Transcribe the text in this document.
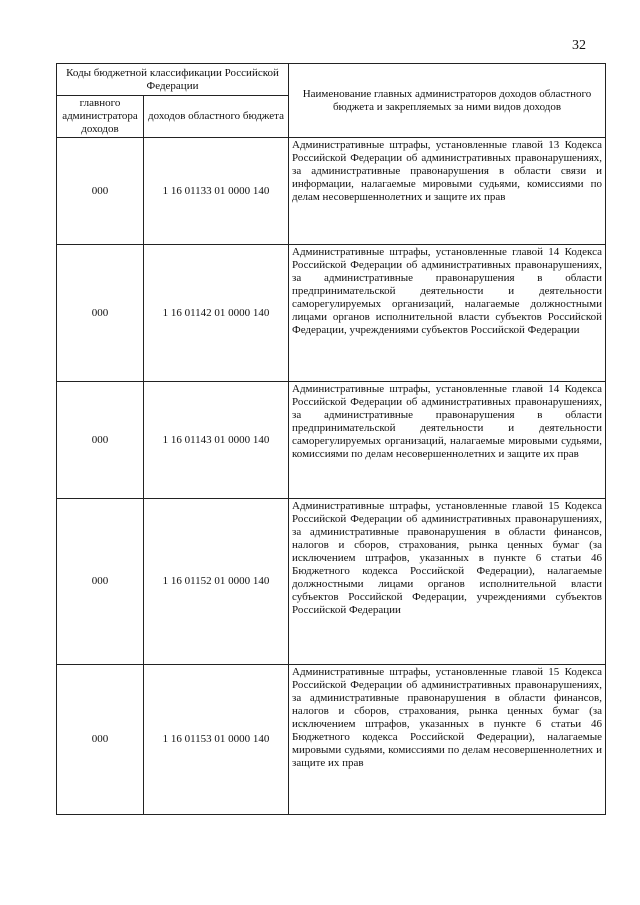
32
Коды бюджетной классификации Российской Федерации		Наименование главных администраторов доходов областного бюджета и закрепляемых за ними видов доходов
главного администратора доходов	доходов областного бюджета	
000	1 16 01133 01 0000 140	Административные штрафы, установленные главой 13 Кодекса Российской Федерации об административных правонарушениях, за административные правонарушения в области связи и информации, налагаемые мировыми судьями, комиссиями по делам несовершеннолетних и защите их прав
000	1 16 01142 01 0000 140	Административные штрафы, установленные главой 14 Кодекса Российской Федерации об административных правонарушениях, за административные правонарушения в области предпринимательской деятельности и деятельности саморегулируемых организаций, налагаемые должностными лицами органов исполнительной власти субъектов Российской Федерации, учреждениями субъектов Российской Федерации
000	1 16 01143 01 0000 140	Административные штрафы, установленные главой 14 Кодекса Российской Федерации об административных правонарушениях, за административные правонарушения в области предпринимательской деятельности и деятельности саморегулируемых организаций, налагаемые мировыми судьями, комиссиями по делам несовершеннолетних и защите их прав
000	1 16 01152 01 0000 140	Административные штрафы, установленные главой 15 Кодекса Российской Федерации об административных правонарушениях, за административные правонарушения в области финансов, налогов и сборов, страхования, рынка ценных бумаг (за исключением штрафов, указанных в пункте 6 статьи 46 Бюджетного кодекса Российской Федерации), налагаемые должностными лицами органов исполнительной власти субъектов Российской Федерации, учреждениями субъектов Российской Федерации
000	1 16 01153 01 0000 140	Административные штрафы, установленные главой 15 Кодекса Российской Федерации об административных правонарушениях, за административные правонарушения в области финансов, налогов и сборов, страхования, рынка ценных бумаг (за исключением штрафов, указанных в пункте 6 статьи 46 Бюджетного кодекса Российской Федерации), налагаемые мировыми судьями, комиссиями по делам несовершеннолетних и защите их прав
